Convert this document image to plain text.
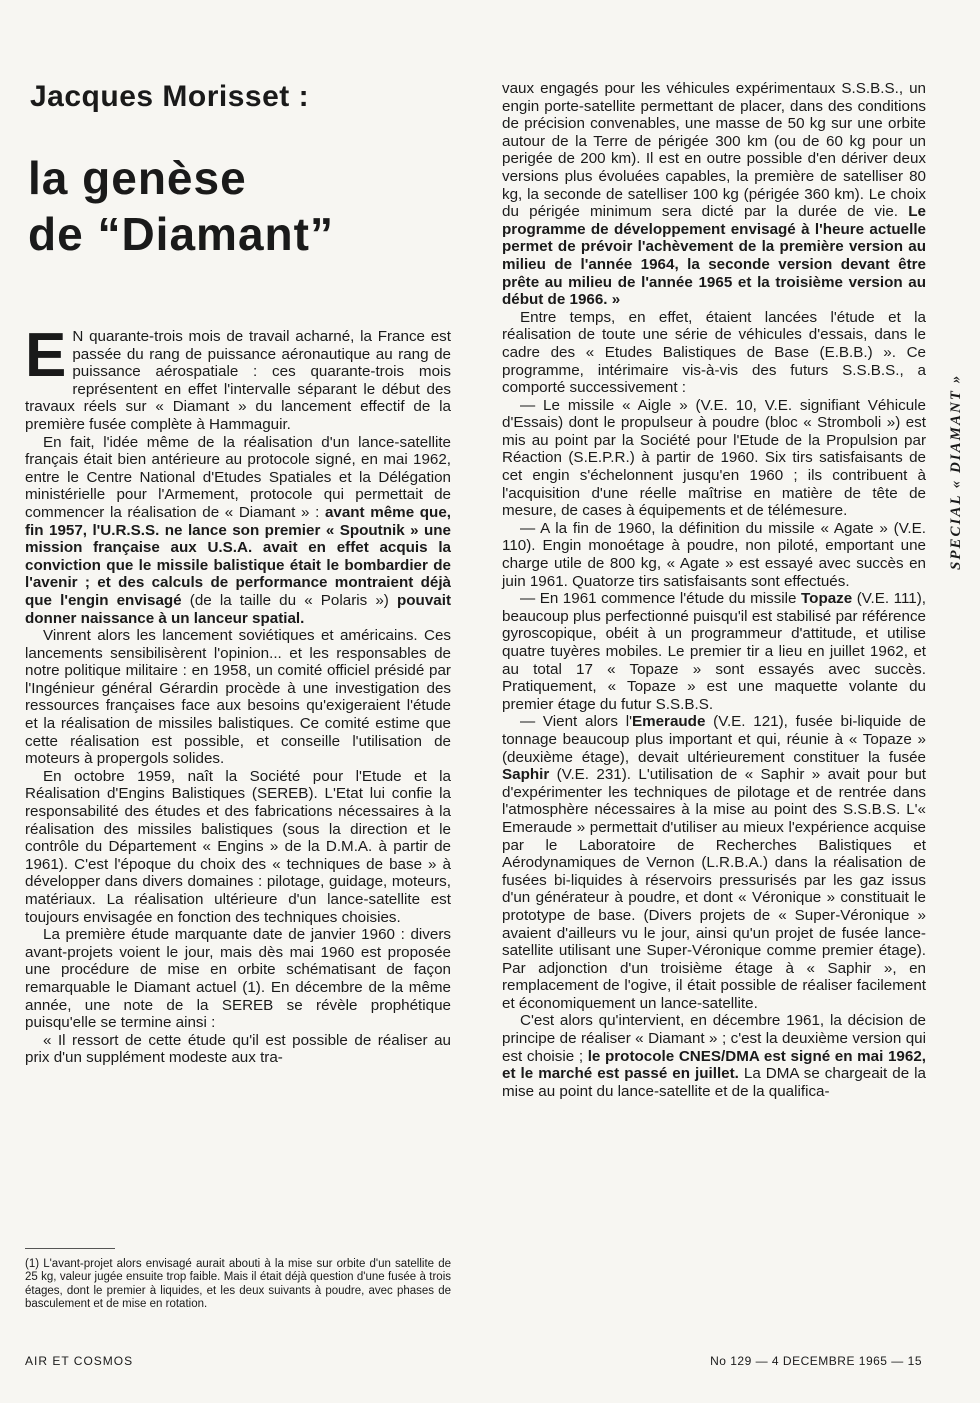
Jacques Morisset :
la genèse
de “Diamant”

E N quarante-trois mois de travail acharné, la France est passée du rang de puissance aéronautique au rang de puissance aérospatiale : ces quarante-trois mois représentent en effet l'intervalle séparant le début des travaux réels sur « Diamant » du lancement effectif de la première fusée complète à Hammaguir.

En fait, l'idée même de la réalisation d'un lance-satellite français était bien antérieure au protocole signé, en mai 1962, entre le Centre National d'Etudes Spatiales et la Délégation ministérielle pour l'Armement, protocole qui permettait de commencer la réalisation de « Diamant » : avant même que, fin 1957, l'U.R.S.S. ne lance son premier « Spoutnik » une mission française aux U.S.A. avait en effet acquis la conviction que le missile balistique était le bombardier de l'avenir ; et des calculs de performance montraient déjà que l'engin envisagé (de la taille du « Polaris ») pouvait donner naissance à un lanceur spatial.

Vinrent alors les lancement soviétiques et américains. Ces lancements sensibilisèrent l'opinion... et les responsables de notre politique militaire : en 1958, un comité officiel présidé par l'Ingénieur général Gérardin procède à une investigation des ressources françaises face aux besoins qu'exigeraient l'étude et la réalisation de missiles balistiques. Ce comité estime que cette réalisation est possible, et conseille l'utilisation de moteurs à propergols solides.

En octobre 1959, naît la Société pour l'Etude et la Réalisation d'Engins Balistiques (SEREB). L'Etat lui confie la responsabilité des études et des fabrications nécessaires à la réalisation des missiles balistiques (sous la direction et le contrôle du Département « Engins » de la D.M.A. à partir de 1961). C'est l'époque du choix des « techniques de base » à développer dans divers domaines : pilotage, guidage, moteurs, matériaux. La réalisation ultérieure d'un lance-satellite est toujours envisagée en fonction des techniques choisies.

La première étude marquante date de janvier 1960 : divers avant-projets voient le jour, mais dès mai 1960 est proposée une procédure de mise en orbite schématisant de façon remarquable le Diamant actuel (1). En décembre de la même année, une note de la SEREB se révèle prophétique puisqu'elle se termine ainsi :

« Il ressort de cette étude qu'il est possible de réaliser au prix d'un supplément modeste aux tra-

(1) L'avant-projet alors envisagé aurait abouti à la mise sur orbite d'un satellite de 25 kg, valeur jugée ensuite trop faible. Mais il était déjà question d'une fusée à trois étages, dont le premier à liquides, et les deux suivants à poudre, avec phases de basculement et de mise en rotation.

vaux engagés pour les véhicules expérimentaux S.S.B.S., un engin porte-satellite permettant de placer, dans des conditions de précision convenables, une masse de 50 kg sur une orbite autour de la Terre de périgée 300 km (ou de 60 kg pour un perigée de 200 km). Il est en outre possible d'en dériver deux versions plus évoluées capables, la première de satelliser 80 kg, la seconde de satelliser 100 kg (périgée 360 km). Le choix du périgée minimum sera dicté par la durée de vie. Le programme de développement envisagé à l'heure actuelle permet de prévoir l'achèvement de la première version au milieu de l'année 1964, la seconde version devant être prête au milieu de l'année 1965 et la troisième version au début de 1966. »

Entre temps, en effet, étaient lancées l'étude et la réalisation de toute une série de véhicules d'essais, dans le cadre des « Etudes Balistiques de Base (E.B.B.) ». Ce programme, intérimaire vis-à-vis des futurs S.S.B.S., a comporté successivement :

— Le missile « Aigle » (V.E. 10, V.E. signifiant Véhicule d'Essais) dont le propulseur à poudre (bloc « Stromboli ») est mis au point par la Société pour l'Etude de la Propulsion par Réaction (S.E.P.R.) à partir de 1960. Six tirs satisfaisants de cet engin s'échelonnent jusqu'en 1960 ; ils contribuent à l'acquisition d'une réelle maîtrise en matière de tête de mesure, de cases à équipements et de télémesure.

— A la fin de 1960, la définition du missile « Agate » (V.E. 110). Engin monoétage à poudre, non piloté, emportant une charge utile de 800 kg, « Agate » est essayé avec succès en juin 1961. Quatorze tirs satisfaisants sont effectués.

— En 1961 commence l'étude du missile Topaze (V.E. 111), beaucoup plus perfectionné puisqu'il est stabilisé par référence gyroscopique, obéit à un programmeur d'attitude, et utilise quatre tuyères mobiles. Le premier tir a lieu en juillet 1962, et au total 17 « Topaze » sont essayés avec succès. Pratiquement, « Topaze » est une maquette volante du premier étage du futur S.S.B.S.

— Vient alors l'Emeraude (V.E. 121), fusée bi-liquide de tonnage beaucoup plus important et qui, réunie à « Topaze » (deuxième étage), devait ultérieurement constituer la fusée Saphir (V.E. 231). L'utilisation de « Saphir » avait pour but d'expérimenter les techniques de pilotage et de rentrée dans l'atmosphère nécessaires à la mise au point des S.S.B.S. L'« Emeraude » permettait d'utiliser au mieux l'expérience acquise par le Laboratoire de Recherches Balistiques et Aérodynamiques de Vernon (L.R.B.A.) dans la réalisation de fusées bi-liquides à réservoirs pressurisés par les gaz issus d'un générateur à poudre, et dont « Véronique » constituait le prototype de base. (Divers projets de « Super-Véronique » avaient d'ailleurs vu le jour, ainsi qu'un projet de fusée lance-satellite utilisant une Super-Véronique comme premier étage). Par adjonction d'un troisième étage à « Saphir », en remplacement de l'ogive, il était possible de réaliser facilement et économiquement un lance-satellite.

C'est alors qu'intervient, en décembre 1961, la décision de principe de réaliser « Diamant » ; c'est la deuxième version qui est choisie ; le protocole CNES/DMA est signé en mai 1962, et le marché est passé en juillet. La DMA se chargeait de la mise au point du lance-satellite et de la qualifica-

SPECIAL « DIAMANT »
AIR ET COSMOS	No 129 — 4 DECEMBRE 1965 — 15
